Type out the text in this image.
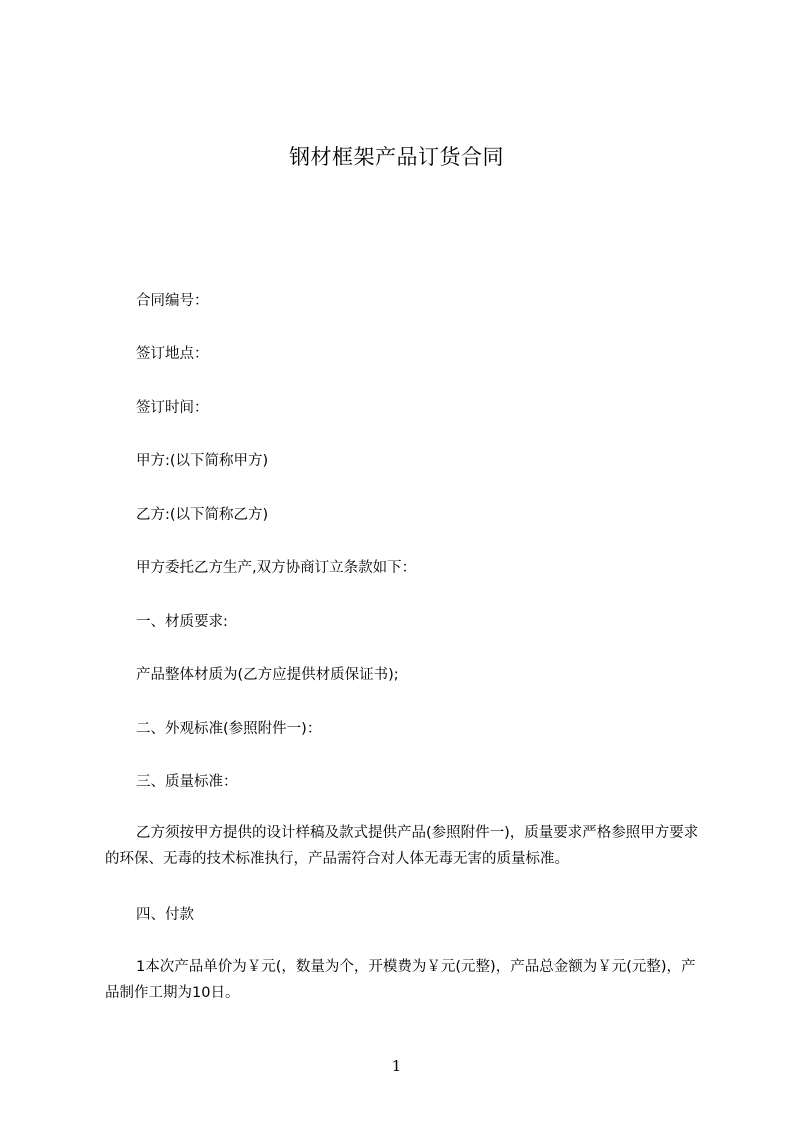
钢材框架产品订货合同
合同编号：
签订地点：
签订时间：
甲方:(以下简称甲方)
乙方:(以下简称乙方)
甲方委托乙方生产,双方协商订立条款如下：
一、材质要求:
产品整体材质为(乙方应提供材质保证书);
二、外观标准(参照附件一)：
三、质量标准：
乙方须按甲方提供的设计样稿及款式提供产品(参照附件一)，质量要求严格参照甲方要求的环保、无毒的技术标准执行，产品需符合对人体无毒无害的质量标准。
四、付款
1本次产品单价为￥元(，数量为个，开模费为￥元(元整)，产品总金额为￥元(元整)，产品制作工期为10日。
1
